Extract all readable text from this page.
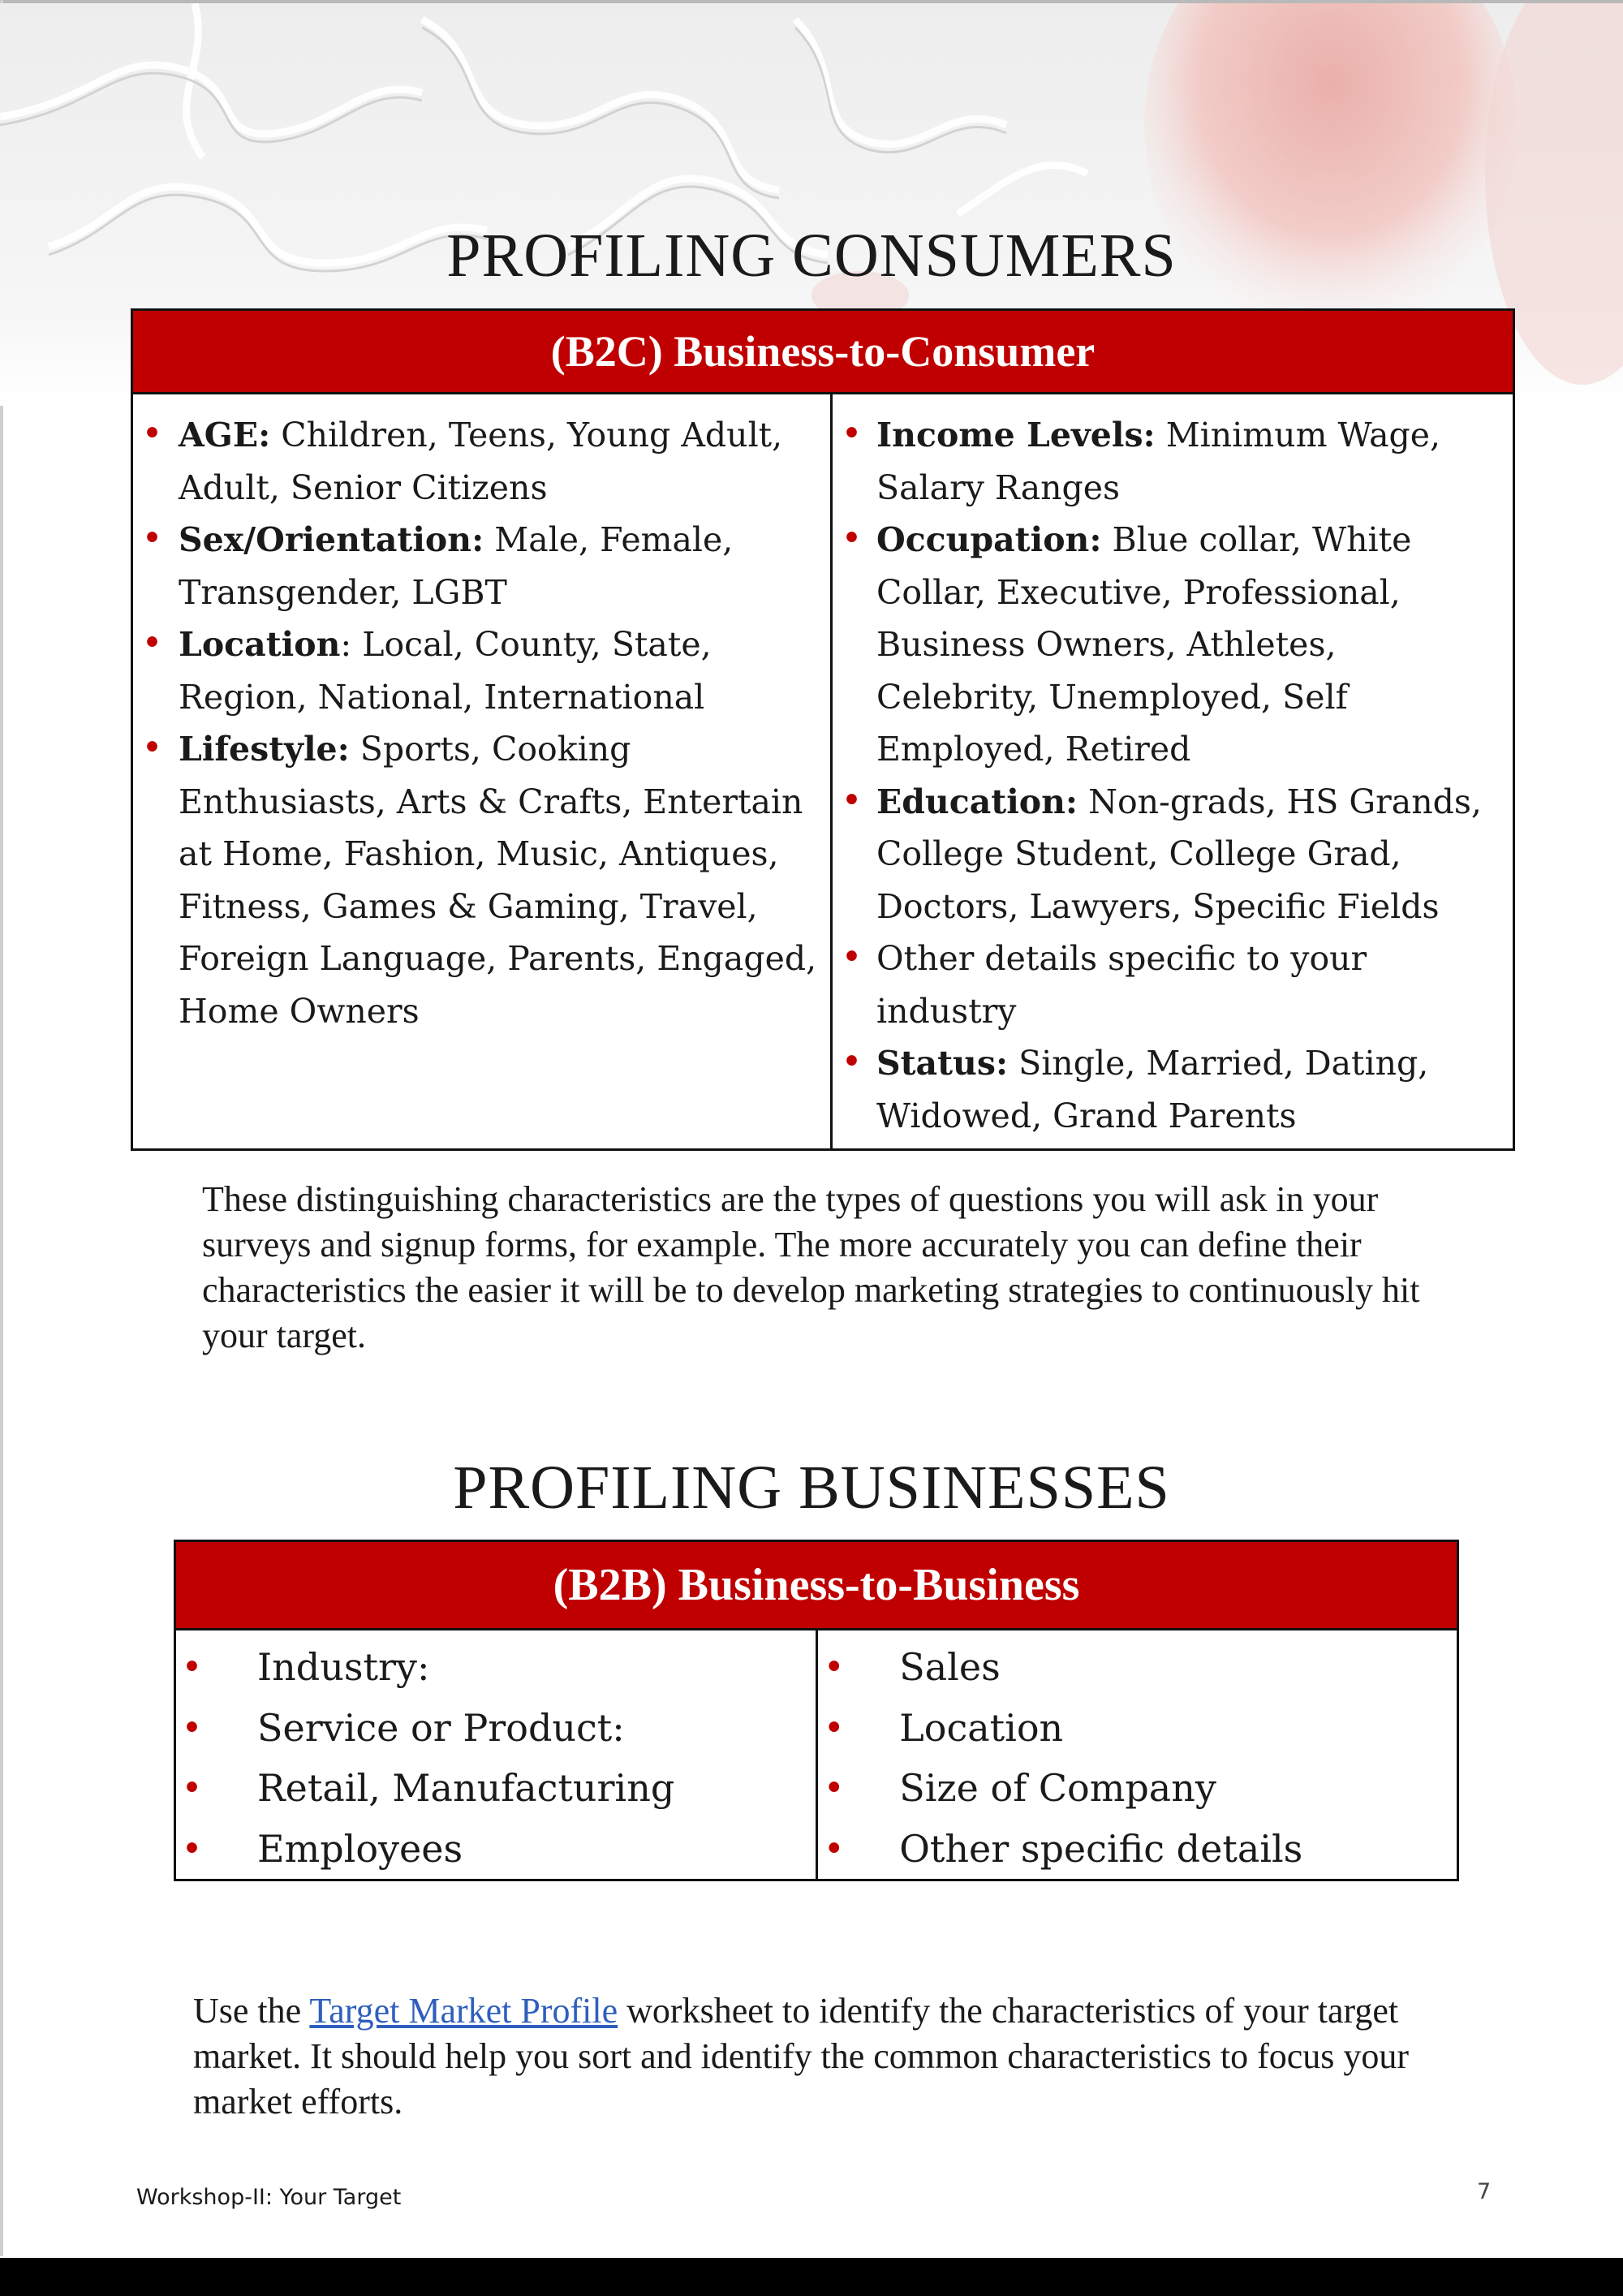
PROFILING CONSUMERS
(B2C) Business-to-Consumer

• AGE: Children, Teens, Young Adult, Adult, Senior Citizens
• Sex/Orientation: Male, Female, Transgender, LGBT
• Location: Local, County, State, Region, National, International
• Lifestyle: Sports, Cooking Enthusiasts, Arts & Crafts, Entertain at Home, Fashion, Music, Antiques, Fitness, Games & Gaming, Travel, Foreign Language, Parents, Engaged, Home Owners

• Income Levels: Minimum Wage, Salary Ranges
• Occupation: Blue collar, White Collar, Executive, Professional, Business Owners, Athletes, Celebrity, Unemployed, Self Employed, Retired
• Education: Non-grads, HS Grands, College Student, College Grad, Doctors, Lawyers, Specific Fields
• Other details specific to your industry
• Status: Single, Married, Dating, Widowed, Grand Parents

These distinguishing characteristics are the types of questions you will ask in your surveys and signup forms, for example. The more accurately you can define their characteristics the easier it will be to develop marketing strategies to continuously hit your target.

PROFILING BUSINESSES
(B2B) Business-to-Business

• Industry:
• Service or Product:
• Retail, Manufacturing
• Employees

• Sales
• Location
• Size of Company
• Other specific details

Use the Target Market Profile worksheet to identify the characteristics of your target market. It should help you sort and identify the common characteristics to focus your market efforts.

Workshop-II: Your Target	7
